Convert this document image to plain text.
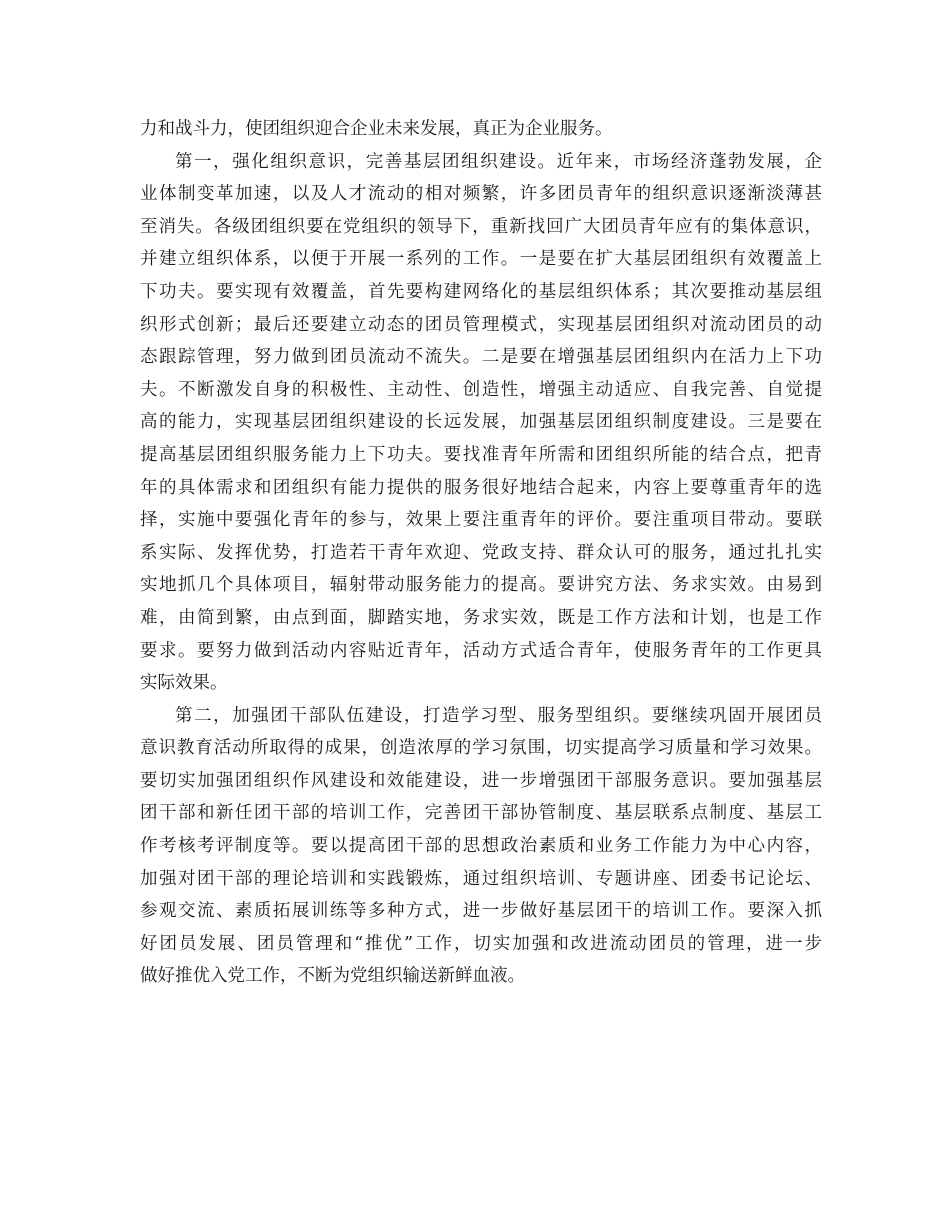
力和战斗力，使团组织迎合企业未来发展，真正为企业服务。
第一，强化组织意识，完善基层团组织建设。近年来，市场经济蓬勃发展，企
业体制变革加速，以及人才流动的相对频繁，许多团员青年的组织意识逐渐淡薄甚
至消失。各级团组织要在党组织的领导下，重新找回广大团员青年应有的集体意识，
并建立组织体系，以便于开展一系列的工作。一是要在扩大基层团组织有效覆盖上
下功夫。要实现有效覆盖，首先要构建网络化的基层组织体系；其次要推动基层组
织形式创新；最后还要建立动态的团员管理模式，实现基层团组织对流动团员的动
态跟踪管理，努力做到团员流动不流失。二是要在增强基层团组织内在活力上下功
夫。不断激发自身的积极性、主动性、创造性，增强主动适应、自我完善、自觉提
高的能力，实现基层团组织建设的长远发展，加强基层团组织制度建设。三是要在
提高基层团组织服务能力上下功夫。要找准青年所需和团组织所能的结合点，把青
年的具体需求和团组织有能力提供的服务很好地结合起来，内容上要尊重青年的选
择，实施中要强化青年的参与，效果上要注重青年的评价。要注重项目带动。要联
系实际、发挥优势，打造若干青年欢迎、党政支持、群众认可的服务，通过扎扎实
实地抓几个具体项目，辐射带动服务能力的提高。要讲究方法、务求实效。由易到
难，由简到繁，由点到面，脚踏实地，务求实效，既是工作方法和计划，也是工作
要求。要努力做到活动内容贴近青年，活动方式适合青年，使服务青年的工作更具
实际效果。
第二，加强团干部队伍建设，打造学习型、服务型组织。要继续巩固开展团员
意识教育活动所取得的成果，创造浓厚的学习氛围，切实提高学习质量和学习效果。
要切实加强团组织作风建设和效能建设，进一步增强团干部服务意识。要加强基层
团干部和新任团干部的培训工作，完善团干部协管制度、基层联系点制度、基层工
作考核考评制度等。要以提高团干部的思想政治素质和业务工作能力为中心内容，
加强对团干部的理论培训和实践锻炼，通过组织培训、专题讲座、团委书记论坛、
参观交流、素质拓展训练等多种方式，进一步做好基层团干的培训工作。要深入抓
好团员发展、团员管理和“推优”工作，切实加强和改进流动团员的管理，进一步
做好推优入党工作，不断为党组织输送新鲜血液。
